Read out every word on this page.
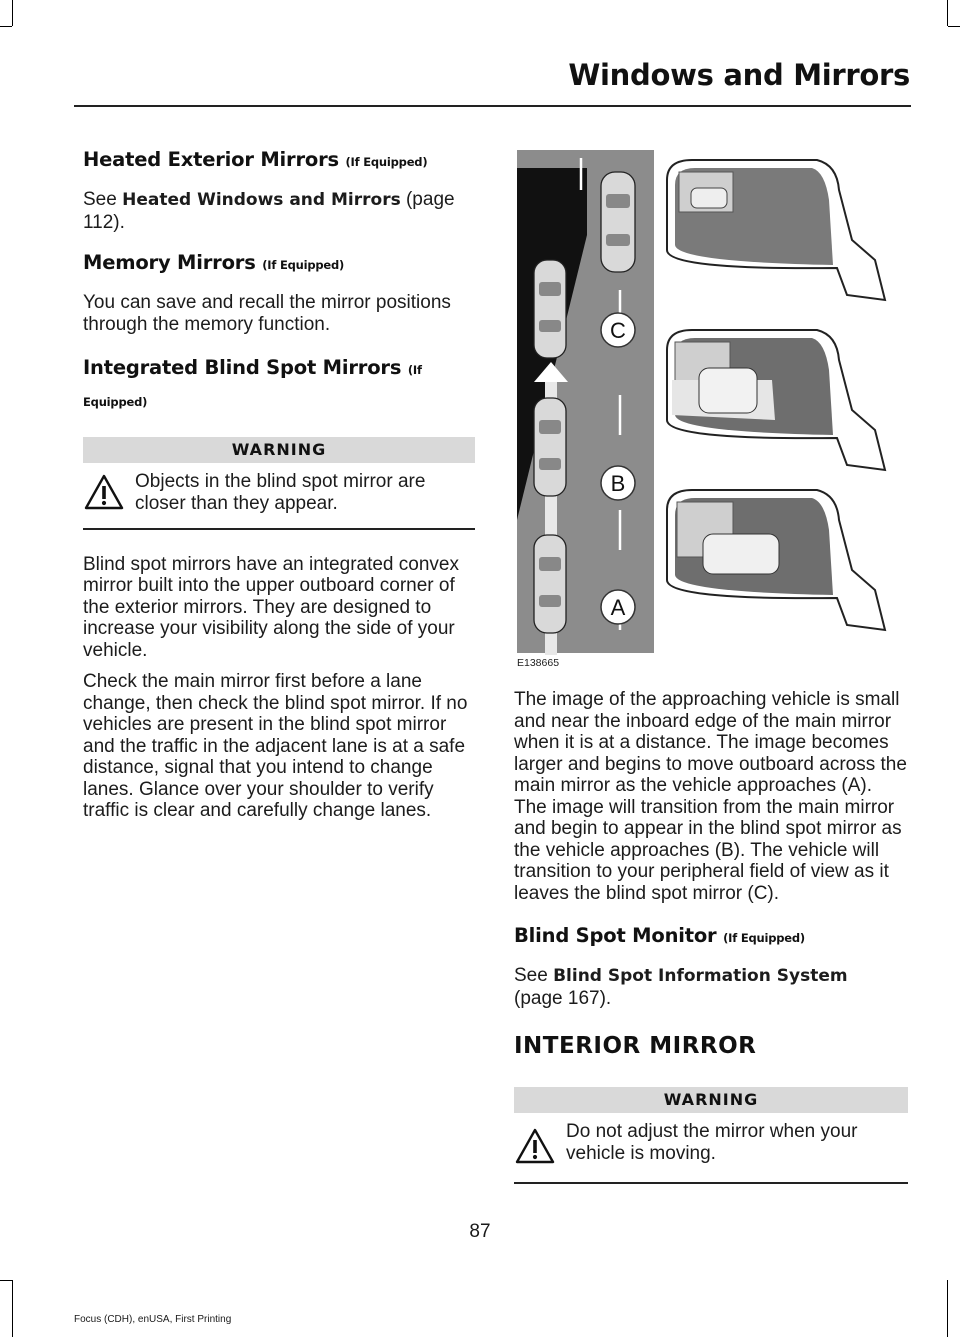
Windows and Mirrors

Heated Exterior Mirrors (If Equipped)

See Heated Windows and Mirrors (page 112).

Memory Mirrors (If Equipped)

You can save and recall the mirror positions through the memory function.

Integrated Blind Spot Mirrors (If
Equipped)

WARNING

Objects in the blind spot mirror are closer than they appear.

Blind spot mirrors have an integrated convex mirror built into the upper outboard corner of the exterior mirrors. They are designed to increase your visibility along the side of your vehicle.

Check the main mirror first before a lane change, then check the blind spot mirror. If no vehicles are present in the blind spot mirror and the traffic in the adjacent lane is at a safe distance, signal that you intend to change lanes. Glance over your shoulder to verify traffic is clear and carefully change lanes.

C
B
A
E138665

The image of the approaching vehicle is small and near the inboard edge of the main mirror when it is at a distance. The image becomes larger and begins to move outboard across the main mirror as the vehicle approaches (A). The image will transition from the main mirror and begin to appear in the blind spot mirror as the vehicle approaches (B). The vehicle will transition to your peripheral field of view as it leaves the blind spot mirror (C).

Blind Spot Monitor (If Equipped)

See Blind Spot Information System
(page 167).

INTERIOR MIRROR
WARNING

Do not adjust the mirror when your vehicle is moving.

87
Focus (CDH), enUSA, First Printing
